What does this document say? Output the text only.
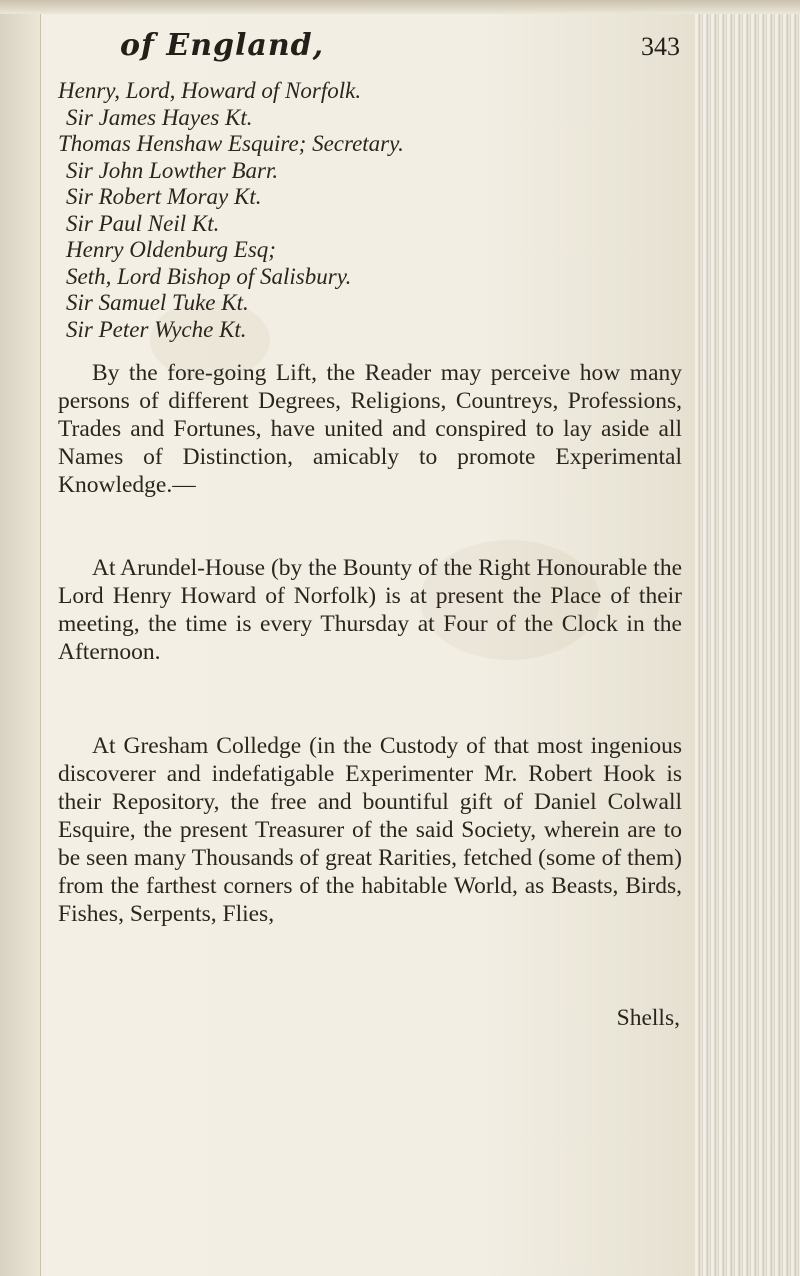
of England,	343
Henry, Lord, Howard of Norfolk.
Sir James Hayes Kt.
Thomas Henshaw Esquire; Secretary.
Sir John Lowther Barr.
Sir Robert Moray Kt.
Sir Paul Neil Kt.
Henry Oldenburg Esq;
Seth, Lord Bishop of Salisbury.
Sir Samuel Tuke Kt.
Sir Peter Wyche Kt.

By the fore-going Lift, the Reader may perceive how many persons of different Degrees, Religions, Countreys, Professions, Trades and Fortunes, have united and conspired to lay aside all Names of Distinction, amicably to promote Experimental Knowledge.—

At Arundel-House (by the Bounty of the Right Honourable the Lord Henry Howard of Norfolk) is at present the Place of their meeting, the time is every Thursday at Four of the Clock in the Afternoon.

At Gresham Colledge (in the Custody of that most ingenious discoverer and indefatigable Experimenter Mr. Robert Hook is their Repository, the free and bountiful gift of Daniel Colwall Esquire, the present Treasurer of the said Society, wherein are to be seen many Thousands of great Rarities, fetched (some of them) from the farthest corners of the habitable World, as Beasts, Birds, Fishes, Serpents, Flies,

Shells,
